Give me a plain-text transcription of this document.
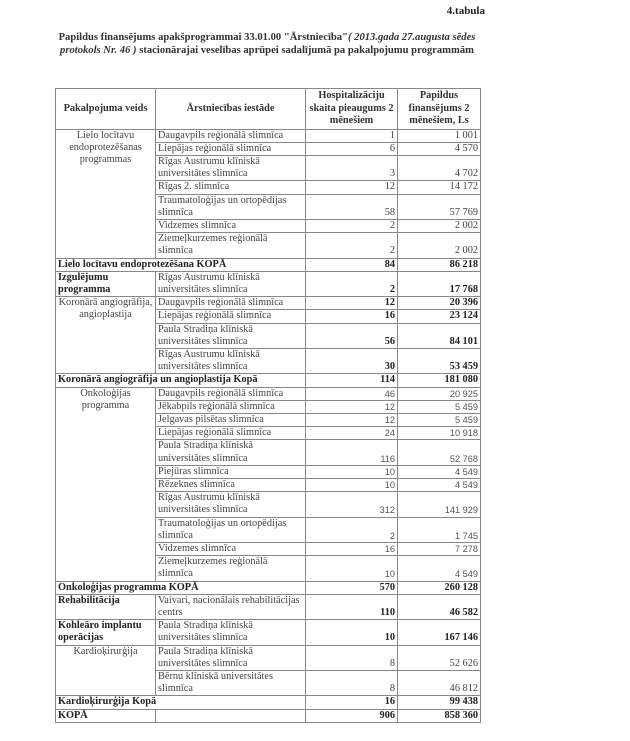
4.tabula
Papildus finansējums apakšprogrammai 33.01.00 "Ārstniecība"( 2013.gada 27.augusta sēdes protokols Nr. 46 ) stacionārajai veselības aprūpei sadalījumā pa pakalpojumu programmām
Pakalpojuma veids	Ārstniecības iestāde	Hospitalizāciju skaita pieaugums 2 mēnešiem	Papildus finansējums 2 mēnešiem, Ls
Lielo locītavu endoprotezēšanas programmas	Daugavpils reģionālā slimnīca	1	1 001
	Liepājas reģionālā slimnīca	6	4 570
	Rīgas Austrumu klīniskā universitātes slimnīca	3	4 702
	Rīgas 2. slimnīca	12	14 172
	Traumatoloģijas un ortopēdijas slimnīca	58	57 769
	Vidzemes slimnīca	2	2 002
	Ziemeļkurzemes reģionālā slimnīca	2	2 002
Lielo locītavu endoprotezēšana KOPĀ		84	86 218
Izgulējumu programma	Rīgas Austrumu klīniskā universitātes slimnīca	2	17 768
Koronārā angiogrāfija, angioplastija	Daugavpils reģionālā slimnīca	12	20 396
	Liepājas reģionālā slimnīca	16	23 124
	Paula Stradiņa klīniskā universitātes slimnīca	56	84 101
	Rīgas Austrumu klīniskā universitātes slimnīca	30	53 459
Koronārā angiogrāfija un angioplastija Kopā		114	181 080
Onkoloģijas programma	Daugavpils reģionālā slimnīca	46	20 925
	Jēkabpils reģionālā slimnīca	12	5 459
	Jelgavas pilsētas slimnīca	12	5 459
	Liepājas reģionālā slimnīca	24	10 918
	Paula Stradiņa klīniskā universitātes slimnīca	116	52 768
	Piejūras slimnīca	10	4 549
	Rēzeknes slimnīca	10	4 549
	Rīgas Austrumu klīniskā universitātes slimnīca	312	141 929
	Traumatoloģijas un ortopēdijas slimnīca	2	1 745
	Vidzemes slimnīca	16	7 278
	Ziemeļkurzemes reģionālā slimnīca	10	4 549
Onkoloģijas programma KOPĀ		570	260 128
Rehabilitācija	Vaivari, nacionālais rehabilitācijas centrs	110	46 582
Kohleāro implantu operācijas	Paula Stradiņa klīniskā universitātes slimnīca	10	167 146
Kardioķirurģija	Paula Stradiņa klīniskā universitātes slimnīca	8	52 626
	Bērnu klīniskā universitātes slimnīca	8	46 812
Kardioķirurģija Kopā		16	99 438
KOPĀ		906	858 360
